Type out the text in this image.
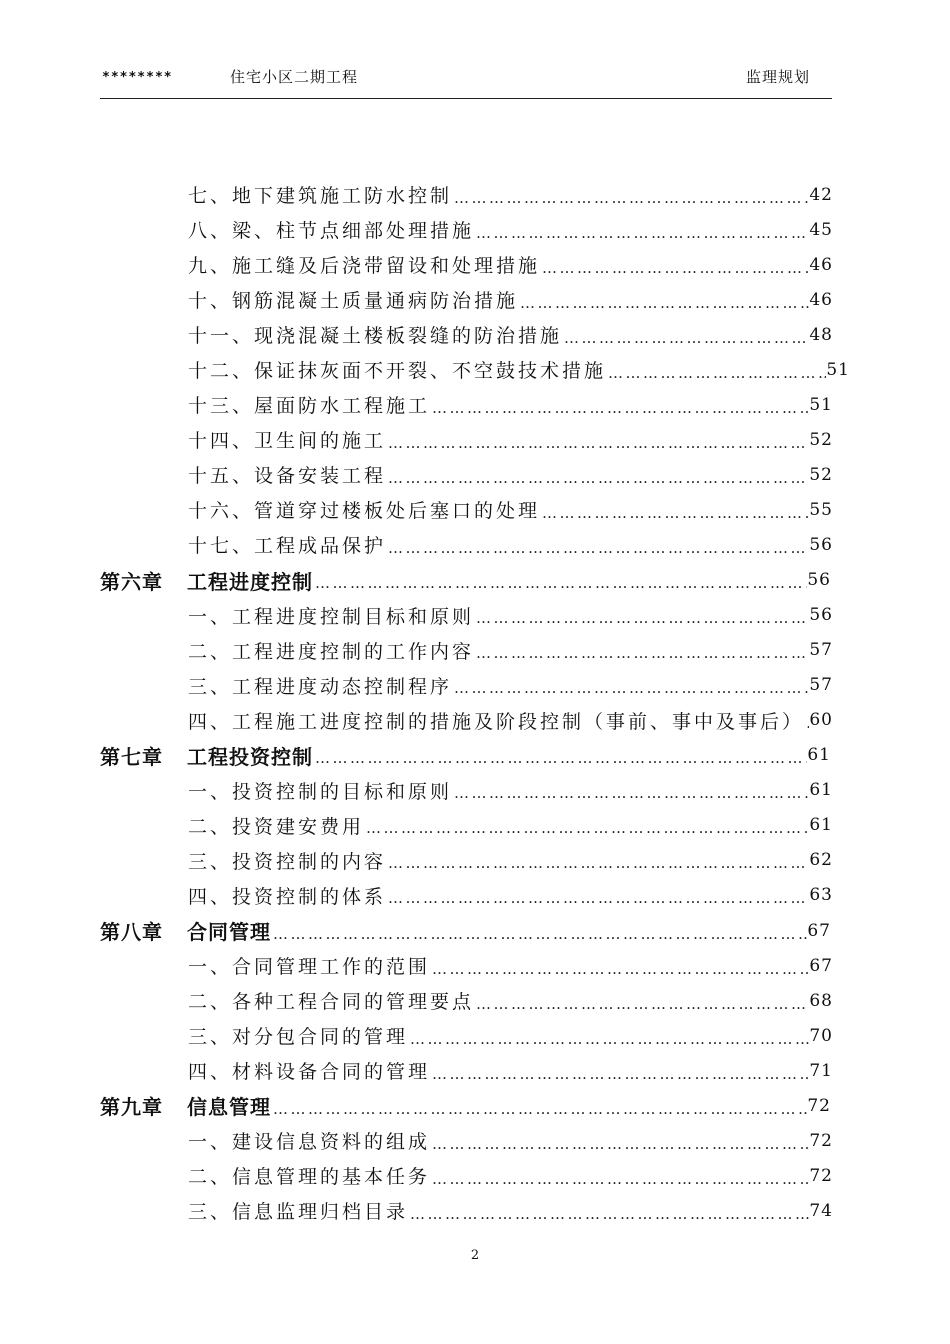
********	住宅小区二期工程	监理规划
七、地下建筑施工防水控制 ……………………………………………………………………………………………………	42
八、梁、柱节点细部处理措施 ……………………………………………………………………………………………………	45
九、施工缝及后浇带留设和处理措施 ……………………………………………………………………………………………………	46
十、钢筋混凝土质量通病防治措施 ……………………………………………………………………………………………………	46
十一、现浇混凝土楼板裂缝的防治措施 ……………………………………………………………………………………………………	48
十二、保证抹灰面不开裂、不空鼓技术措施 ……………………………………………………………………………………………………	51
十三、屋面防水工程施工 ……………………………………………………………………………………………………	51
十四、卫生间的施工 ……………………………………………………………………………………………………	52
十五、设备安装工程 ……………………………………………………………………………………………………	52
十六、管道穿过楼板处后塞口的处理 ……………………………………………………………………………………………………	55
十七、工程成品保护 ……………………………………………………………………………………………………	56
第六章 工程进度控制 ……………………………………………………………………………………………………	56
一、工程进度控制目标和原则 ……………………………………………………………………………………………………	56
二、工程进度控制的工作内容 ……………………………………………………………………………………………………	57
三、工程进度动态控制程序 ……………………………………………………………………………………………………	57
四、工程施工进度控制的措施及阶段控制（事前、事中及事后） …………………………………………………………………………………………………… 60
第七章 工程投资控制 ……………………………………………………………………………………………………	61
一、投资控制的目标和原则 ……………………………………………………………………………………………………	61
二、投资建安费用 ……………………………………………………………………………………………………	61
三、投资控制的内容 ……………………………………………………………………………………………………	62
四、投资控制的体系 ……………………………………………………………………………………………………	63
第八章 合同管理 ……………………………………………………………………………………………………	67
一、合同管理工作的范围 ……………………………………………………………………………………………………	67
二、各种工程合同的管理要点 ……………………………………………………………………………………………………	68
三、对分包合同的管理 ……………………………………………………………………………………………………	70
四、材料设备合同的管理 ……………………………………………………………………………………………………	71
第九章 信息管理 ……………………………………………………………………………………………………	72
一、建设信息资料的组成 ……………………………………………………………………………………………………	72
二、信息管理的基本任务 ……………………………………………………………………………………………………	72
三、信息监理归档目录 ……………………………………………………………………………………………………	74
2
